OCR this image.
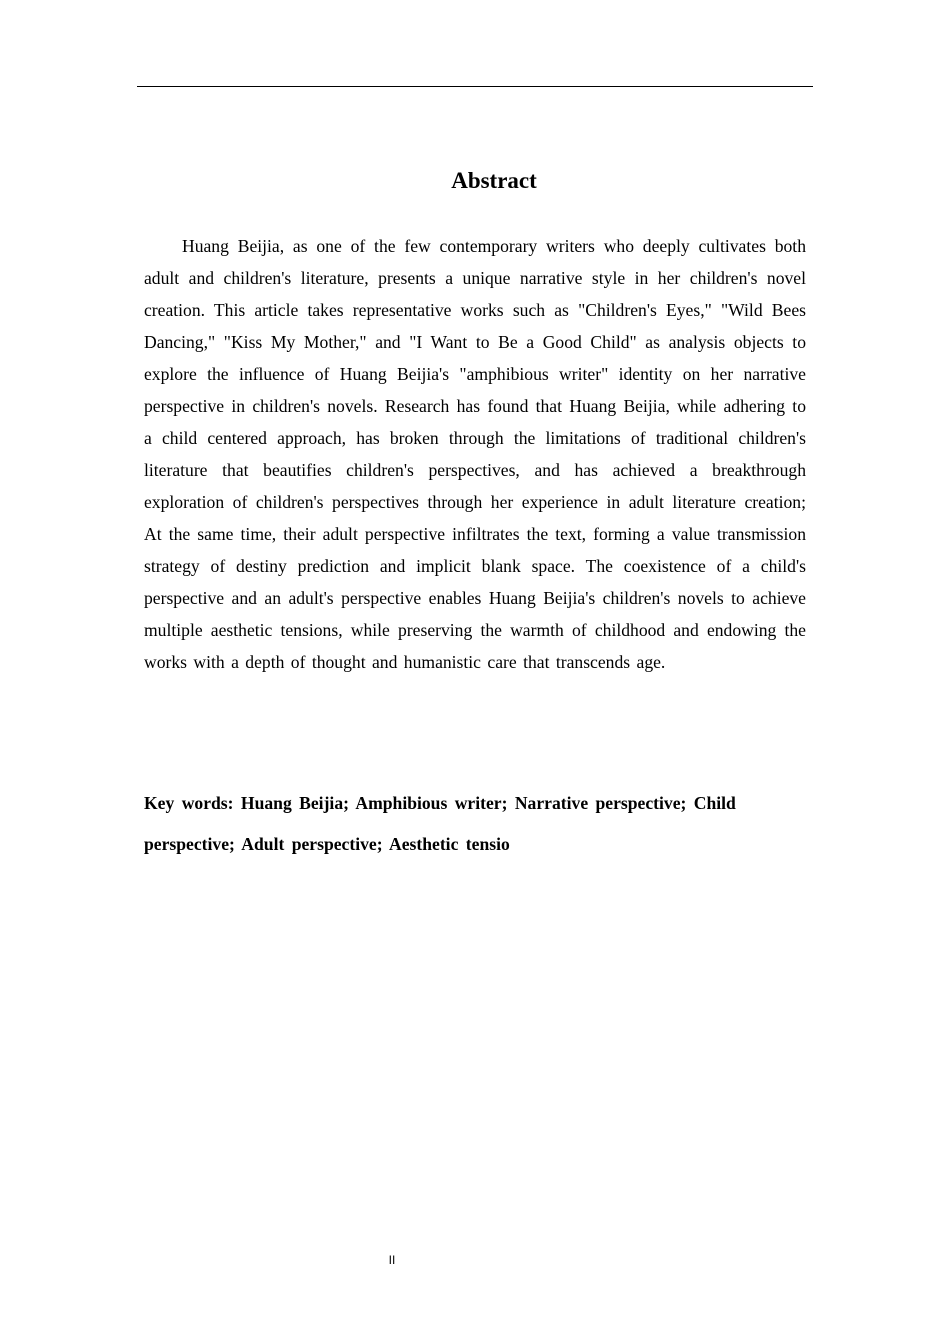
Abstract

Huang Beijia, as one of the few contemporary writers who deeply cultivates both adult and children's literature, presents a unique narrative style in her children's novel creation. This article takes representative works such as "Children's Eyes," "Wild Bees Dancing," "Kiss My Mother," and "I Want to Be a Good Child" as analysis objects to explore the influence of Huang Beijia's "amphibious writer" identity on her narrative perspective in children's novels. Research has found that Huang Beijia, while adhering to a child centered approach, has broken through the limitations of traditional children's literature that beautifies children's perspectives, and has achieved a breakthrough exploration of children's perspectives through her experience in adult literature creation; At the same time, their adult perspective infiltrates the text, forming a value transmission strategy of destiny prediction and implicit blank space. The coexistence of a child's perspective and an adult's perspective enables Huang Beijia's children's novels to achieve multiple aesthetic tensions, while preserving the warmth of childhood and endowing the works with a depth of thought and humanistic care that transcends age.

Key words: Huang Beijia; Amphibious writer; Narrative perspective; Child perspective; Adult perspective; Aesthetic tensio

II
